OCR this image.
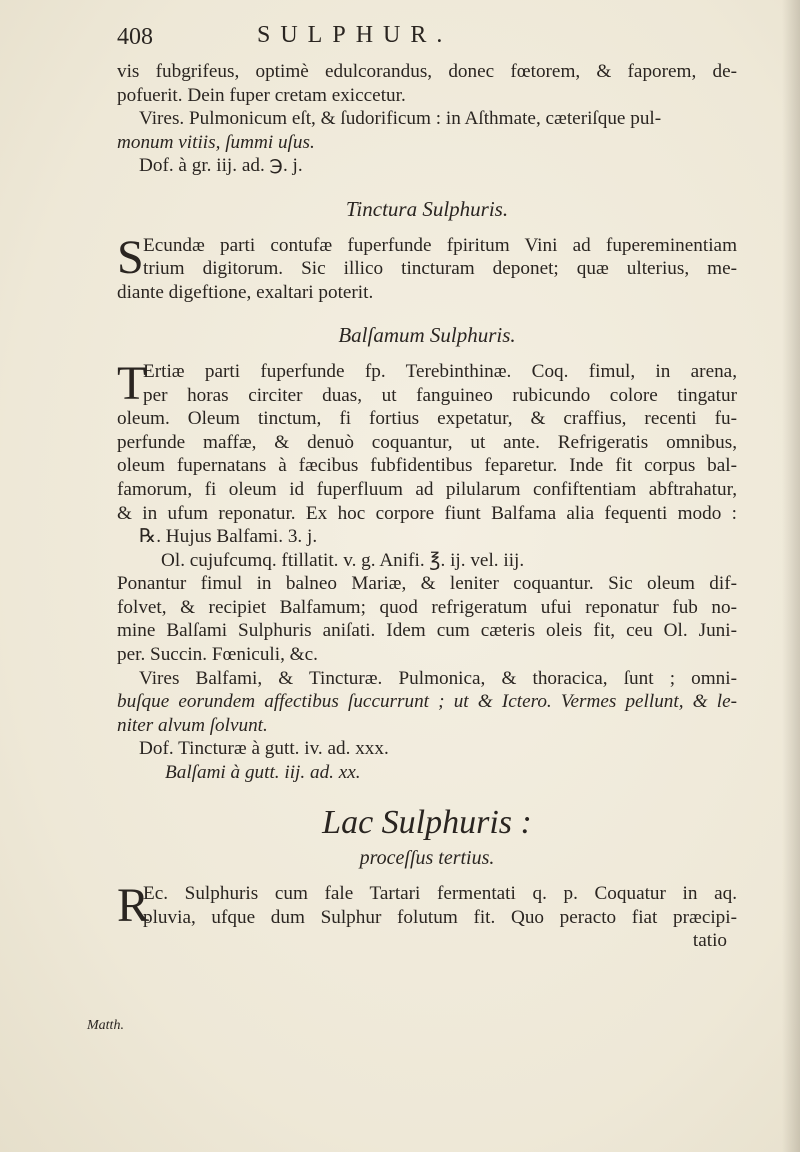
408	SULPHUR.
vis fubgrifeus, optimè edulcorandus, donec fœtorem, & faporem, de-
pofuerit. Dein fuper cretam exiccetur.
Vires. Pulmonicum eſt, & ſudorificum : in Aſthmate, cæteriſque pul-
monum vitiis, ſummi uſus.
Dof. à gr. iij. ad. ℈. j.
Tinctura Sulphuris.
S Ecundæ parti contufæ fuperfunde fpiritum Vini ad fupereminentiam
trium digitorum. Sic illico tincturam deponet; quæ ulterius, me-
diante digeftione, exaltari poterit.
Balſamum Sulphuris.
T
Ertiæ parti fuperfunde fp. Terebinthinæ. Coq. fimul, in arena,
per horas circiter duas, ut fanguineo rubicundo colore tingatur
oleum. Oleum tinctum, fi fortius expetatur, & craffius, recenti fu-
perfunde maffæ, & denuò coquantur, ut ante. Refrigeratis omnibus,
oleum fupernatans à fæcibus fubfidentibus feparetur. Inde fit corpus bal-
famorum, fi oleum id fuperfluum ad pilularum confiftentiam abftrahatur,
& in ufum reponatur. Ex hoc corpore fiunt Balfama alia fequenti modo :
℞. Hujus Balfami. 3. j.
Ol. cujufcumq. ftillatit. v. g. Anifi. ℥. ij. vel. iij.
Ponantur fimul in balneo Mariæ, & leniter coquantur. Sic oleum dif-
folvet, & recipiet Balfamum; quod refrigeratum ufui reponatur fub no-
mine Balſami Sulphuris aniſati. Idem cum cæteris oleis fit, ceu Ol. Juni-
per. Succin. Fœniculi, &c.
Vires Balfami, & Tincturæ. Pulmonica, & thoracica, ſunt ; omni-
buſque eorundem affectibus ſuccurrunt ; ut & Ictero. Vermes pellunt, & le-
niter alvum ſolvunt.
Dof. Tincturæ à gutt. iv. ad. xxx.
Balſami à gutt. iij. ad. xx.
Lac Sulphuris :
proceſſus tertius.
R
Ec. Sulphuris cum fale Tartari fermentati q. p. Coquatur in aq.
pluvia, ufque dum Sulphur folutum fit. Quo peracto fiat præcipi-
tatio
Matth.
